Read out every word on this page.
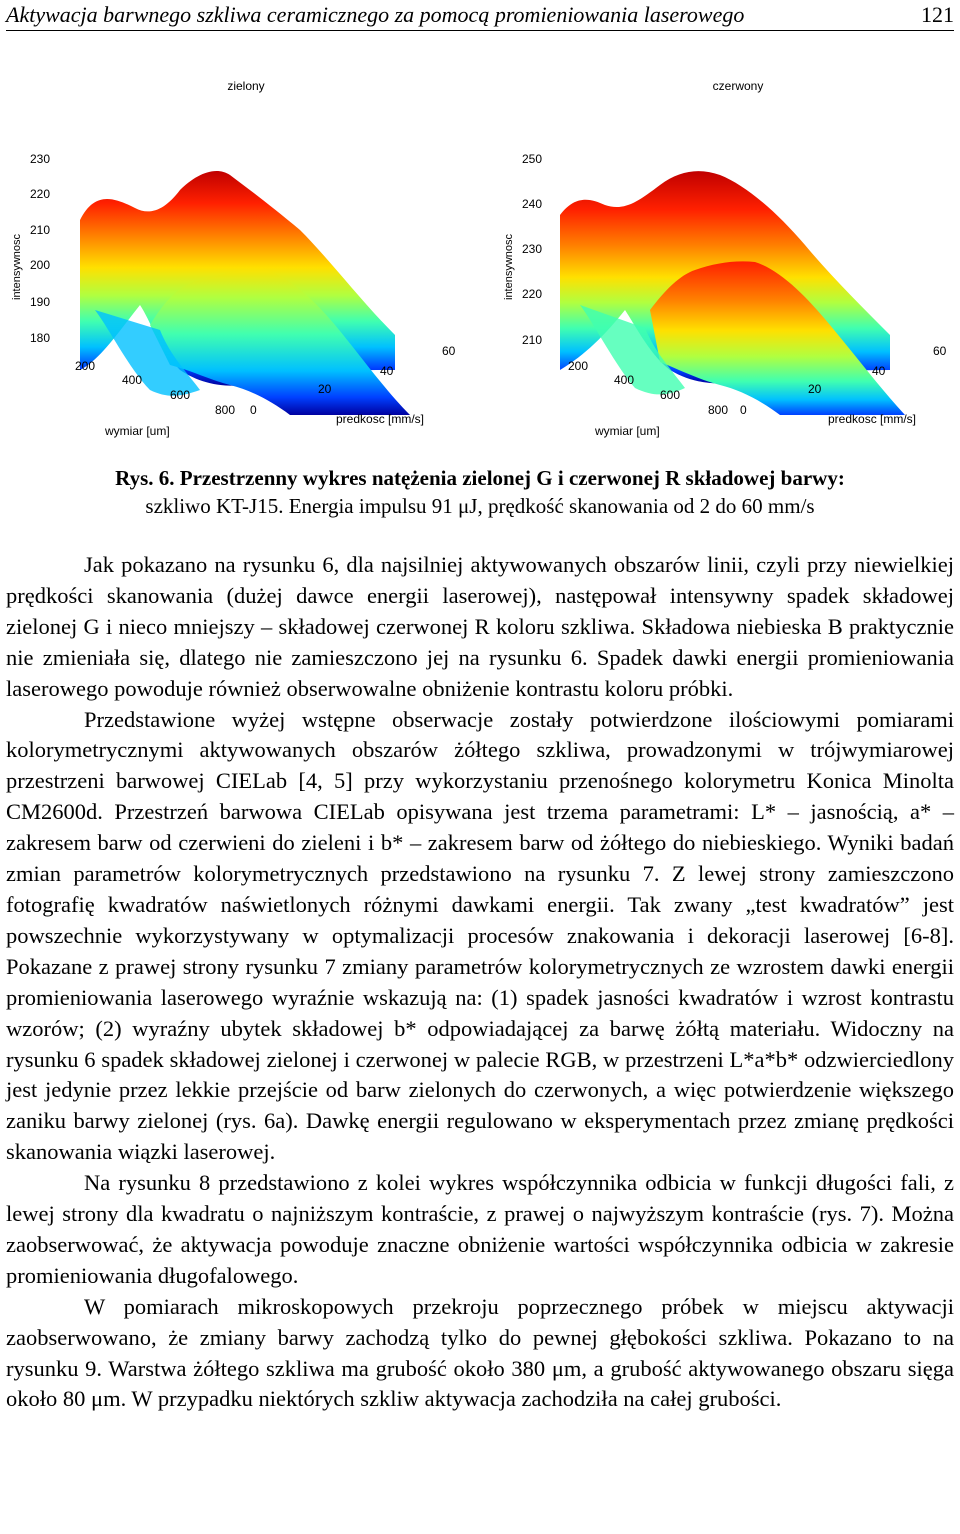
Aktywacja barwnego szkliwa ceramicznego za pomocą promieniowania laserowego	121
zielony
intensywnosc
230
220
210
200
190
180
200
400
600
800 0
20
40
60
wymiar [um]
predkosc [mm/s]
czerwony
intensywnosc
250
240
230
220
210
200
400
600
800 0
20
40
60
wymiar [um]
predkosc [mm/s]
Rys. 6. Przestrzenny wykres natężenia zielonej G i czerwonej R składowej barwy:
szkliwo KT-J15. Energia impulsu 91 μJ, prędkość skanowania od 2 do 60 mm/s

Jak pokazano na rysunku 6, dla najsilniej aktywowanych obszarów linii, czyli przy niewielkiej prędkości skanowania (dużej dawce energii laserowej), następował intensywny spadek składowej zielonej G i nieco mniejszy – składowej czerwonej R koloru szkliwa. Składowa niebieska B praktycznie nie zmieniała się, dlatego nie zamieszczono jej na rysunku 6. Spadek dawki energii promieniowania laserowego powoduje również obserwowalne obniżenie kontrastu koloru próbki.

Przedstawione wyżej wstępne obserwacje zostały potwierdzone ilościowymi pomiarami kolorymetrycznymi aktywowanych obszarów żółtego szkliwa, prowadzonymi w trójwymiarowej przestrzeni barwowej CIELab [4, 5] przy wykorzystaniu przenośnego kolorymetru Konica Minolta CM2600d. Przestrzeń barwowa CIELab opisywana jest trzema parametrami: L* – jasnością, a* – zakresem barw od czerwieni do zieleni i b* – zakresem barw od żółtego do niebieskiego. Wyniki badań zmian parametrów kolorymetrycznych przedstawiono na rysunku 7. Z lewej strony zamieszczono fotografię kwadratów naświetlonych różnymi dawkami energii. Tak zwany „test kwadratów” jest powszechnie wykorzystywany w optymalizacji procesów znakowania i dekoracji laserowej [6-8]. Pokazane z prawej strony rysunku 7 zmiany parametrów kolorymetrycznych ze wzrostem dawki energii promieniowania laserowego wyraźnie wskazują na: (1) spadek jasności kwadratów i wzrost kontrastu wzorów; (2) wyraźny ubytek składowej b* odpowiadającej za barwę żółtą materiału. Widoczny na rysunku 6 spadek składowej zielonej i czerwonej w palecie RGB, w przestrzeni L*a*b* odzwierciedlony jest jedynie przez lekkie przejście od barw zielonych do czerwonych, a więc potwierdzenie większego zaniku barwy zielonej (rys. 6a). Dawkę energii regulowano w eksperymentach przez zmianę prędkości skanowania wiązki laserowej.

Na rysunku 8 przedstawiono z kolei wykres współczynnika odbicia w funkcji długości fali, z lewej strony dla kwadratu o najniższym kontraście, z prawej o najwyższym kontraście (rys. 7). Można zaobserwować, że aktywacja powoduje znaczne obniżenie wartości współczynnika odbicia w zakresie promieniowania długofalowego.

W pomiarach mikroskopowych przekroju poprzecznego próbek w miejscu aktywacji zaobserwowano, że zmiany barwy zachodzą tylko do pewnej głębokości szkliwa. Pokazano to na rysunku 9. Warstwa żółtego szkliwa ma grubość około 380 μm, a grubość aktywowanego obszaru sięga około 80 μm. W przypadku niektórych szkliw aktywacja zachodziła na całej grubości.
